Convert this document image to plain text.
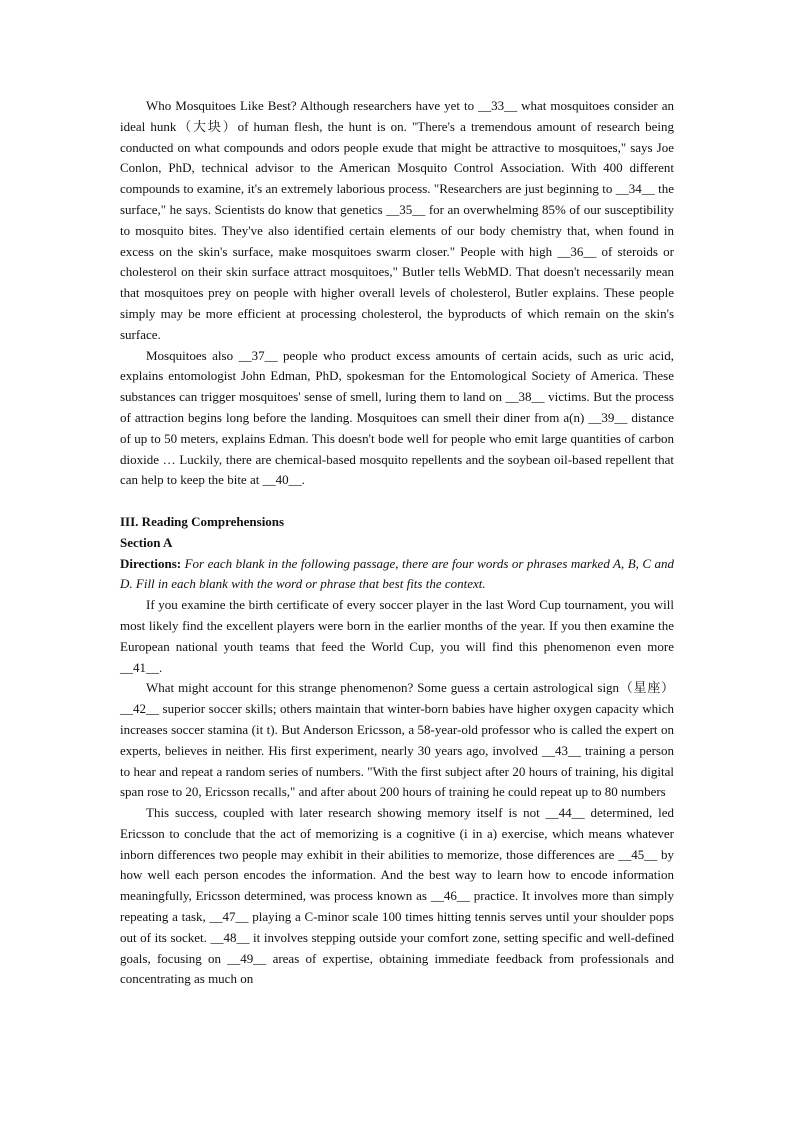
Who Mosquitoes Like Best? Although researchers have yet to __33__ what mosquitoes consider an ideal hunk（大块）of human flesh, the hunt is on. "There's a tremendous amount of research being conducted on what compounds and odors people exude that might be attractive to mosquitoes," says Joe Conlon, PhD, technical advisor to the American Mosquito Control Association. With 400 different compounds to examine, it's an extremely laborious process. "Researchers are just beginning to __34__ the surface," he says. Scientists do know that genetics __35__ for an overwhelming 85% of our susceptibility to mosquito bites. They've also identified certain elements of our body chemistry that, when found in excess on the skin's surface, make mosquitoes swarm closer." People with high __36__ of steroids or cholesterol on their skin surface attract mosquitoes," Butler tells WebMD. That doesn't necessarily mean that mosquitoes prey on people with higher overall levels of cholesterol, Butler explains. These people simply may be more efficient at processing cholesterol, the byproducts of which remain on the skin's surface.

Mosquitoes also __37__ people who product excess amounts of certain acids, such as uric acid, explains entomologist John Edman, PhD, spokesman for the Entomological Society of America. These substances can trigger mosquitoes' sense of smell, luring them to land on __38__ victims. But the process of attraction begins long before the landing. Mosquitoes can smell their diner from a(n) __39__ distance of up to 50 meters, explains Edman. This doesn't bode well for people who emit large quantities of carbon dioxide … Luckily, there are chemical-based mosquito repellents and the soybean oil-based repellent that can help to keep the bite at __40__.

III. Reading Comprehensions
Section A
Directions: For each blank in the following passage, there are four words or phrases marked A, B, C and D. Fill in each blank with the word or phrase that best fits the context.

If you examine the birth certificate of every soccer player in the last Word Cup tournament, you will most likely find the excellent players were born in the earlier months of the year. If you then examine the European national youth teams that feed the World Cup, you will find this phenomenon even more __41__.

What might account for this strange phenomenon? Some guess a certain astrological sign（星座）__42__ superior soccer skills; others maintain that winter-born babies have higher oxygen capacity which increases soccer stamina (it t). But Anderson Ericsson, a 58-year-old professor who is called the expert on experts, believes in neither. His first experiment, nearly 30 years ago, involved __43__ training a person to hear and repeat a random series of numbers. "With the first subject after 20 hours of training, his digital span rose to 20, Ericsson recalls," and after about 200 hours of training he could repeat up to 80 numbers

This success, coupled with later research showing memory itself is not __44__ determined, led Ericsson to conclude that the act of memorizing is a cognitive (i in a) exercise, which means whatever inborn differences two people may exhibit in their abilities to memorize, those differences are __45__ by how well each person encodes the information. And the best way to learn how to encode information meaningfully, Ericsson determined, was process known as __46__ practice. It involves more than simply repeating a task, __47__ playing a C-minor scale 100 times hitting tennis serves until your shoulder pops out of its socket. __48__ it involves stepping outside your comfort zone, setting specific and well-defined goals, focusing on __49__ areas of expertise, obtaining immediate feedback from professionals and concentrating as much on
